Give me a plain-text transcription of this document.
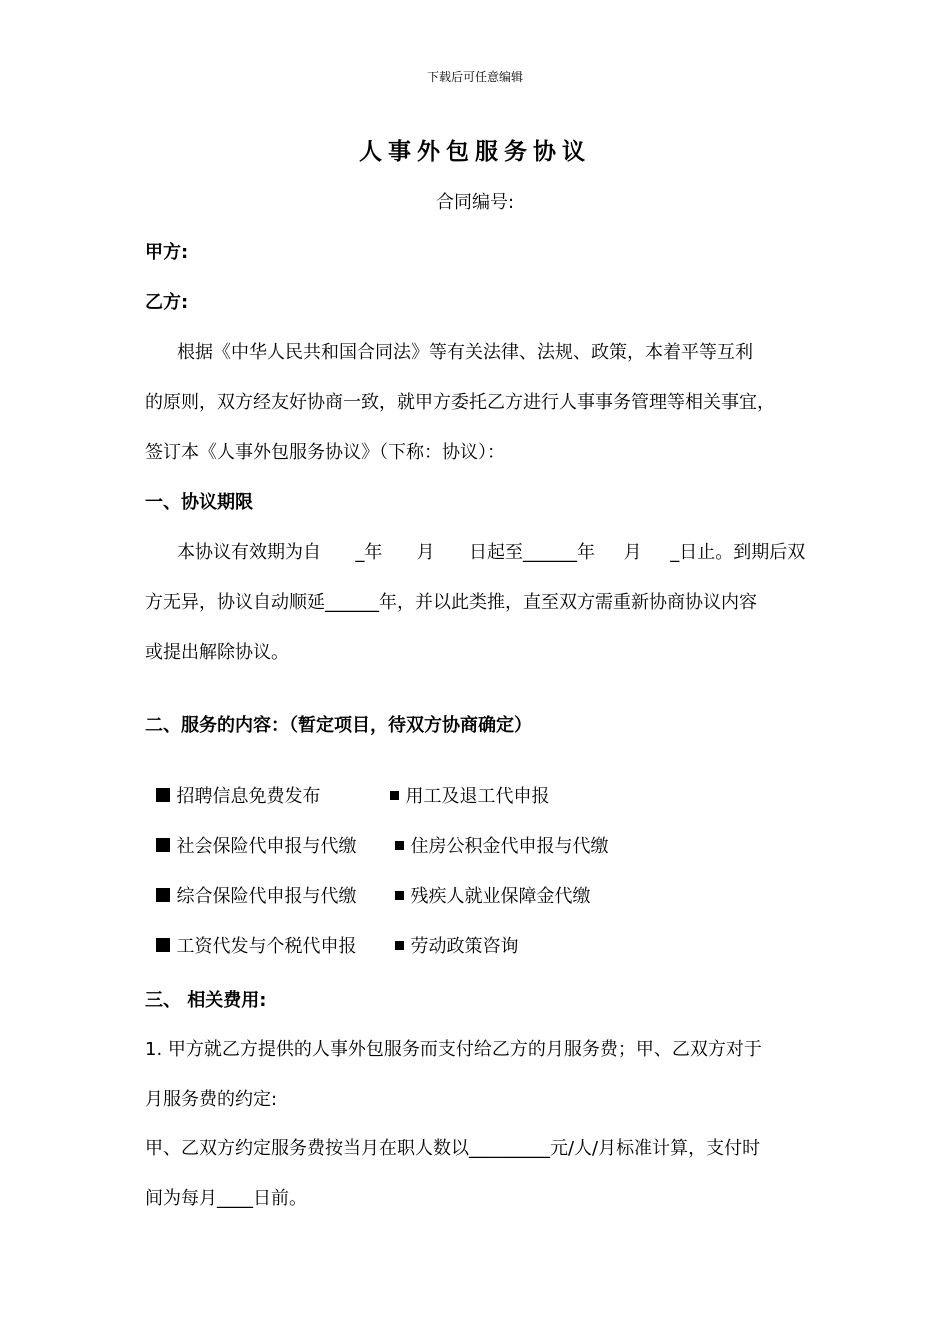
下载后可任意编辑
人事外包服务协议
合同编号:
甲方:
乙方:
根据《中华人民共和国合同法》等有关法律、法规、政策，本着平等互利
的原则，双方经友好协商一致，就甲方委托乙方进行人事事务管理等相关事宜，
签订本《人事外包服务协议》（下称：协议）：
一、协议期限
本协议有效期为自      _年      月      日起至______年     月     _日止。到期后双
方无异，协议自动顺延______年，并以此类推，直至双方需重新协商协议内容
或提出解除协议。
二、服务的内容：（暂定项目，待双方协商确定）

招聘信息免费发布	用工及退工代申报

社会保险代申报与代缴	住房公积金代申报与代缴

综合保险代申报与代缴	残疾人就业保障金代缴

工资代发与个税代申报	劳动政策咨询

三、 相关费用:
1. 甲方就乙方提供的人事外包服务而支付给乙方的月服务费；甲、乙双方对于
月服务费的约定:
甲、乙双方约定服务费按当月在职人数以_________元/人/月标准计算，支付时
间为每月____日前。
